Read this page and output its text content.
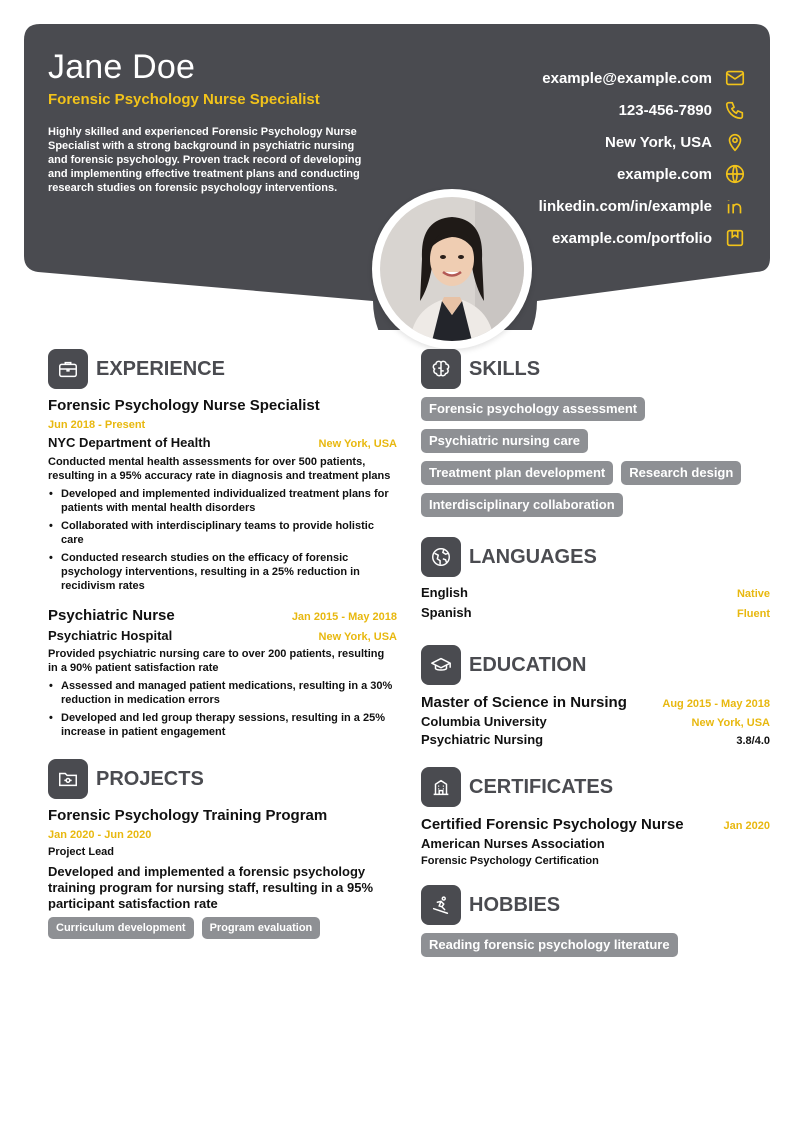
Jane Doe
Forensic Psychology Nurse Specialist
Highly skilled and experienced Forensic Psychology Nurse Specialist with a strong background in psychiatric nursing and forensic psychology. Proven track record of developing and implementing effective treatment plans and conducting research studies on forensic psychology interventions.
example@example.com
123-456-7890
New York, USA
example.com
linkedin.com/in/example
example.com/portfolio
EXPERIENCE
Forensic Psychology Nurse Specialist
Jun 2018 - Present
NYC Department of Health	New York, USA
Conducted mental health assessments for over 500 patients, resulting in a 95% accuracy rate in diagnosis and treatment plans
• Developed and implemented individualized treatment plans for patients with mental health disorders
• Collaborated with interdisciplinary teams to provide holistic care
• Conducted research studies on the efficacy of forensic psychology interventions, resulting in a 25% reduction in recidivism rates
Psychiatric Nurse	Jan 2015 - May 2018
Psychiatric Hospital	New York, USA
Provided psychiatric nursing care to over 200 patients, resulting in a 90% patient satisfaction rate
• Assessed and managed patient medications, resulting in a 30% reduction in medication errors
• Developed and led group therapy sessions, resulting in a 25% increase in patient engagement
PROJECTS
Forensic Psychology Training Program
Jan 2020 - Jun 2020
Project Lead
Developed and implemented a forensic psychology training program for nursing staff, resulting in a 95% participant satisfaction rate
Curriculum development	Program evaluation
SKILLS
Forensic psychology assessment
Psychiatric nursing care
Treatment plan development	Research design
Interdisciplinary collaboration
LANGUAGES
English	Native
Spanish	Fluent
EDUCATION
Master of Science in Nursing	Aug 2015 - May 2018
Columbia University	New York, USA
Psychiatric Nursing	3.8/4.0
CERTIFICATES
Certified Forensic Psychology Nurse	Jan 2020
American Nurses Association
Forensic Psychology Certification
HOBBIES
Reading forensic psychology literature
